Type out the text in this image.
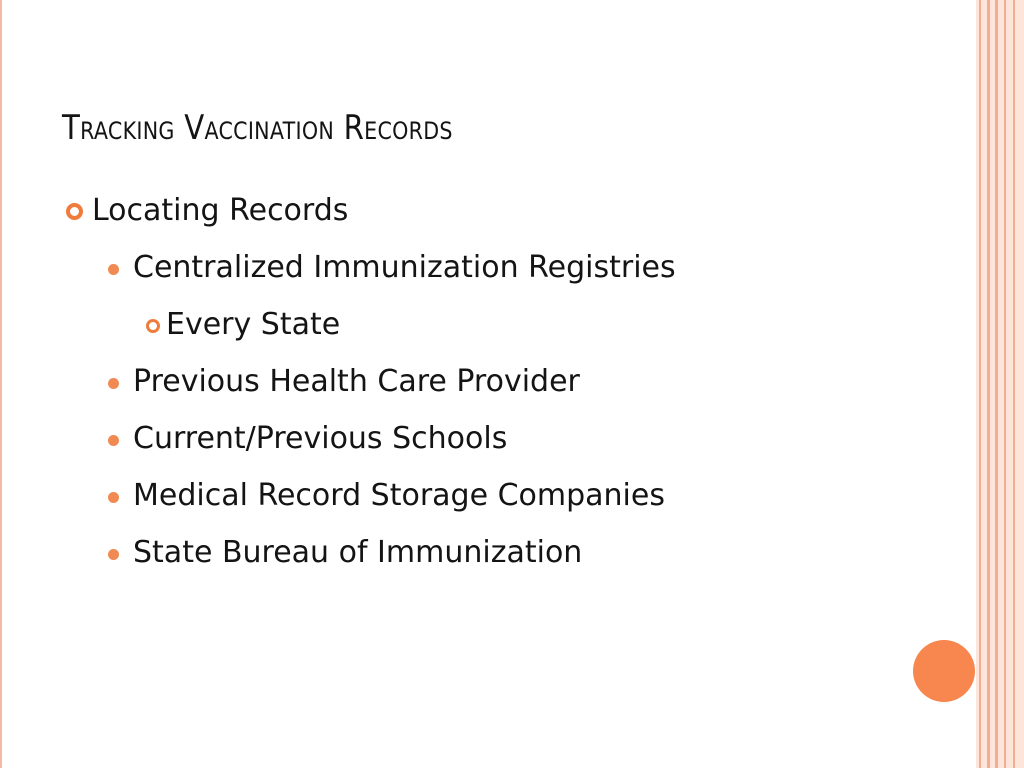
Tracking Vaccination Records
Locating Records
Centralized Immunization Registries
Every State
Previous Health Care Provider
Current/Previous Schools
Medical Record Storage Companies
State Bureau of Immunization
